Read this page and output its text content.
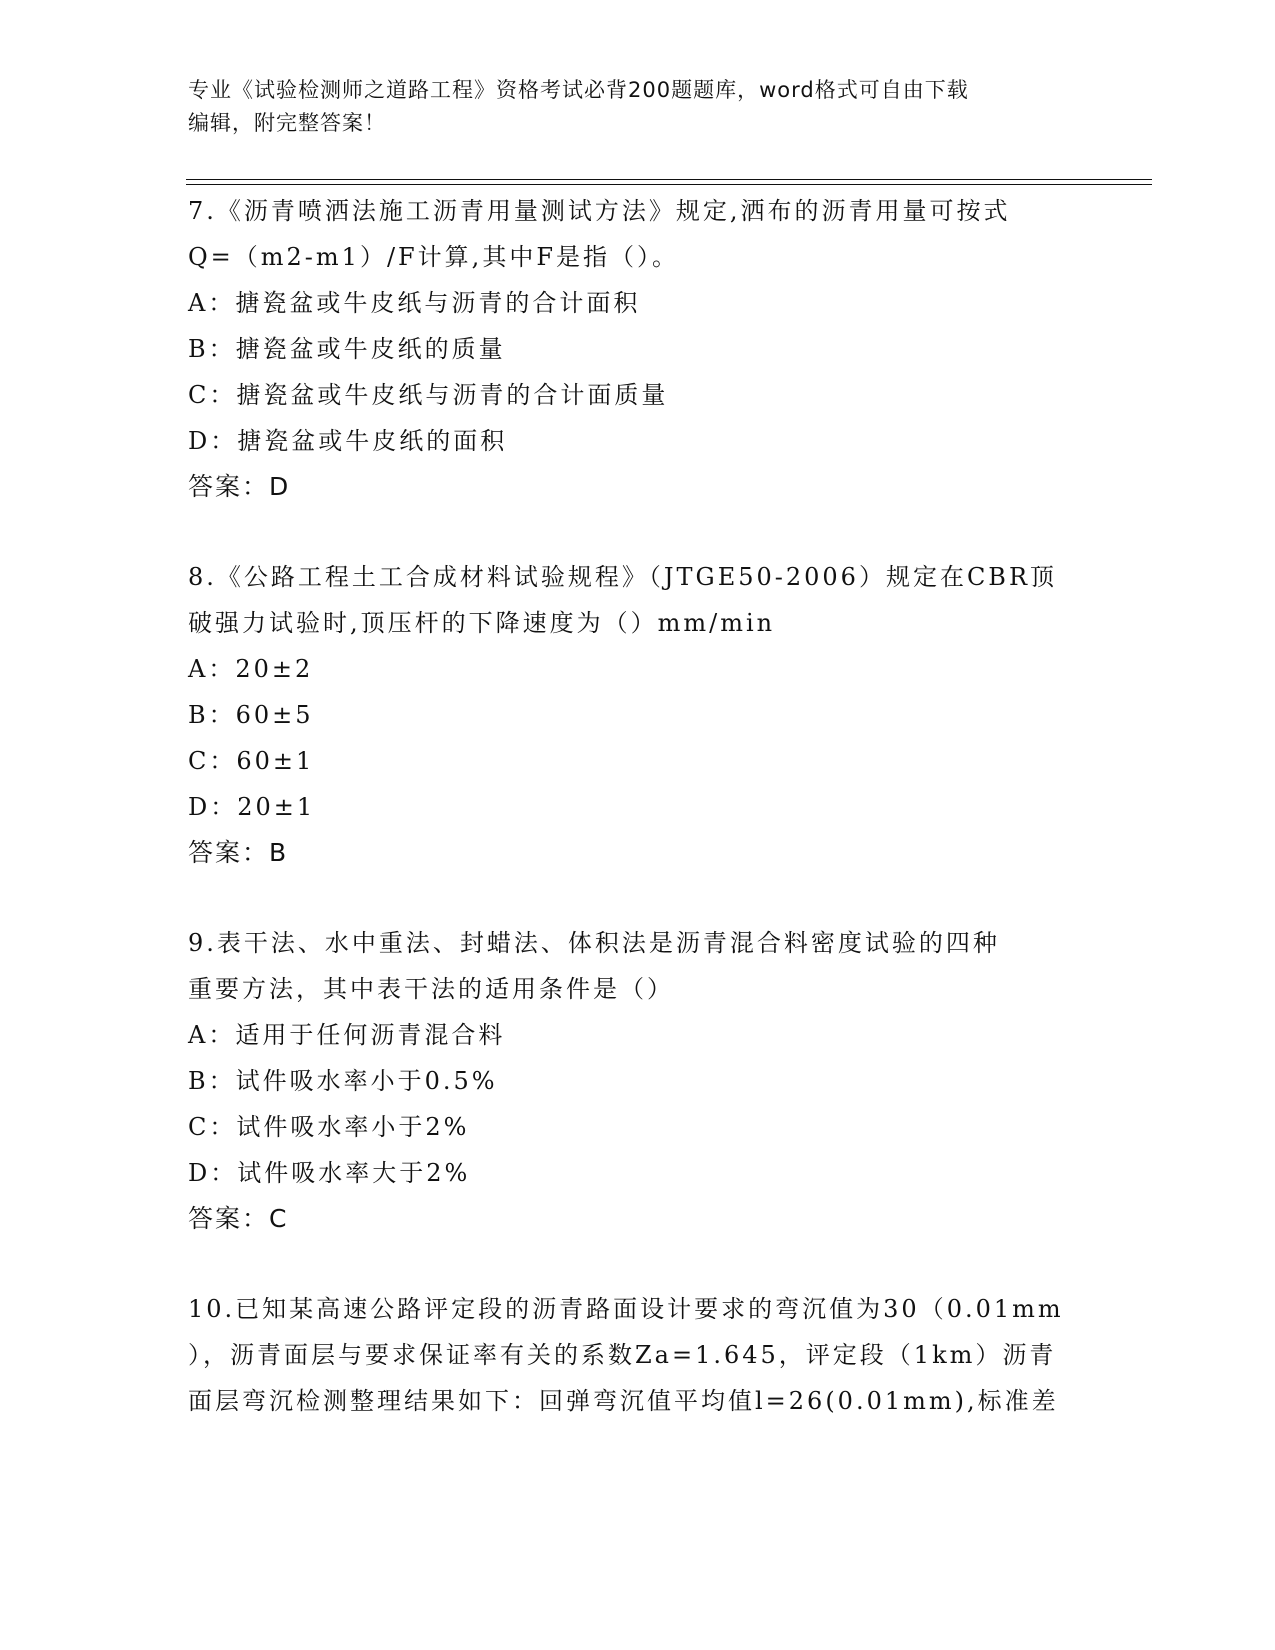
专业《试验检测师之道路工程》资格考试必背200题题库，word格式可自由下载
编辑，附完整答案！
7.《沥青喷洒法施工沥青用量测试方法》规定,洒布的沥青用量可按式
Q=（m2-m1）/F计算,其中F是指（）。
A：搪瓷盆或牛皮纸与沥青的合计面积
B：搪瓷盆或牛皮纸的质量
C：搪瓷盆或牛皮纸与沥青的合计面质量
D：搪瓷盆或牛皮纸的面积
答案：D
8.《公路工程土工合成材料试验规程》（JTGE50-2006）规定在CBR顶
破强力试验时,顶压杆的下降速度为（）mm/min
A：20±2
B：60±5
C：60±1
D：20±1
答案：B
9.表干法、水中重法、封蜡法、体积法是沥青混合料密度试验的四种
重要方法，其中表干法的适用条件是（）
A：适用于任何沥青混合料
B：试件吸水率小于0.5%
C：试件吸水率小于2%
D：试件吸水率大于2%
答案：C
10.已知某高速公路评定段的沥青路面设计要求的弯沉值为30（0.01mm
），沥青面层与要求保证率有关的系数Za=1.645，评定段（1km）沥青
面层弯沉检测整理结果如下：回弹弯沉值平均值l=26(0.01mm),标准差
